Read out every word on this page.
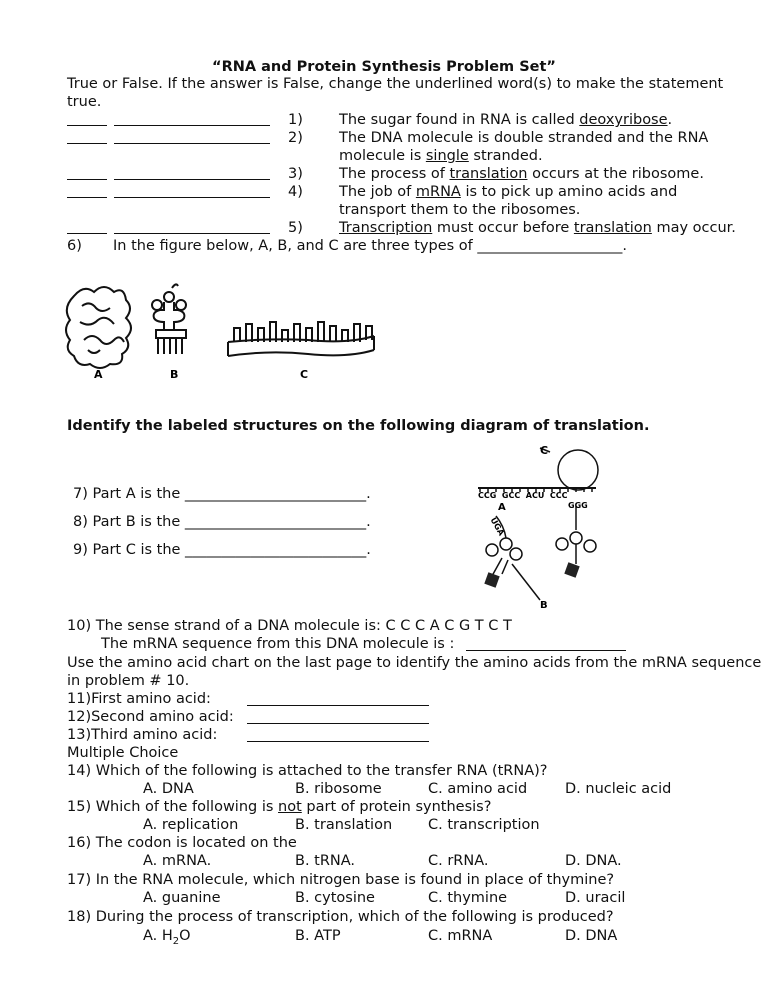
“RNA and Protein Synthesis Problem Set”
True or False. If the answer is False, change the underlined word(s) to make the statement
true.
1) The sugar found in RNA is called deoxyribose.
2) The DNA molecule is double stranded and the RNA
molecule is single stranded.
3) The process of translation occurs at the ribosome.
4) The job of mRNA is to pick up amino acids and
transport them to the ribosomes.
5) Transcription must occur before translation may occur.
6) In the figure below, A, B, and C are three types of ____________________.
A	B	C
Identify the labeled structures on the following diagram of translation.
7) Part A is the _________________________.
8) Part B is the _________________________.
9) Part C is the _________________________.
C
CCG  GCC  ACU  CCC
A
UGA
GGG
B
10) The sense strand of a DNA molecule is: C C C A C G T C T
The mRNA sequence from this DNA molecule is :
Use the amino acid chart on the last page to identify the amino acids from the mRNA sequence
in problem # 10.
11)First amino acid:
12)Second amino acid:
13)Third amino acid:
Multiple Choice
14) Which of the following is attached to the transfer RNA (tRNA)?
A. DNA	B. ribosome	C. amino acid	D. nucleic acid
15) Which of the following is not part of protein synthesis?
A. replication	B. translation C. transcription
16) The codon is located on the
A. mRNA.	B. tRNA.	C. rRNA.	D. DNA.
17) In the RNA molecule, which nitrogen base is found in place of thymine?
A. guanine	B. cytosine	C. thymine	D. uracil
18) During the process of transcription, which of the following is produced?
A. $H_2O$	B. ATP	C. mRNA	D. DNA
